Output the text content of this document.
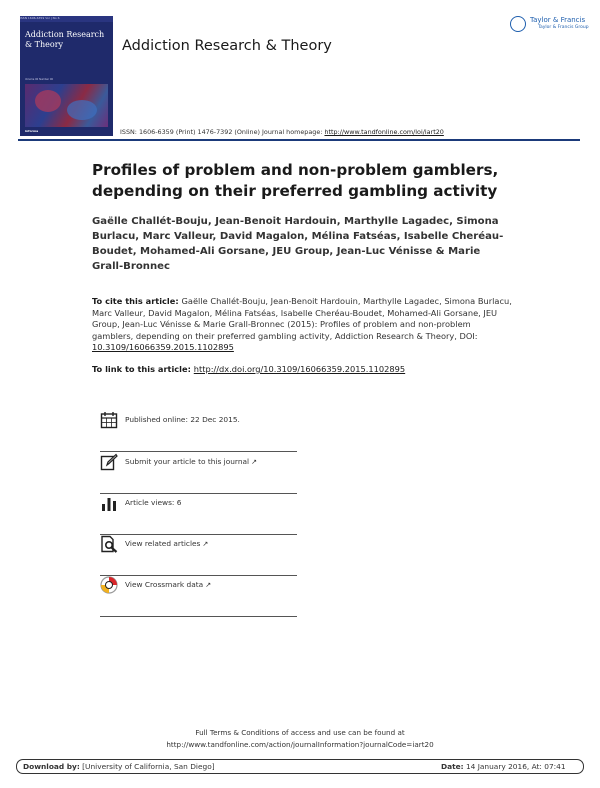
ISSN 1606-6359 Vol | No 6
Addiction Research & Theory
Volume 00 Number 00
informa
Addiction Research & Theory
Taylor & Francis
Taylor & Francis Group
ISSN: 1606-6359 (Print) 1476-7392 (Online) Journal homepage: http://www.tandfonline.com/loi/iart20
Profiles of problem and non-problem gamblers, depending on their preferred gambling activity
Gaëlle Challét-Bouju, Jean-Benoit Hardouin, Marthylle Lagadec, Simona Burlacu, Marc Valleur, David Magalon, Mélina Fatséas, Isabelle Cheréau-Boudet, Mohamed-Ali Gorsane, JEU Group, Jean-Luc Vénisse & Marie Grall-Bronnec
To cite this article: Gaëlle Challét-Bouju, Jean-Benoit Hardouin, Marthylle Lagadec, Simona Burlacu, Marc Valleur, David Magalon, Mélina Fatséas, Isabelle Cheréau-Boudet, Mohamed-Ali Gorsane, JEU Group, Jean-Luc Vénisse & Marie Grall-Bronnec (2015): Profiles of problem and non-problem gamblers, depending on their preferred gambling activity, Addiction Research & Theory, DOI: 10.3109/16066359.2015.1102895
To link to this article: http://dx.doi.org/10.3109/16066359.2015.1102895
Published online: 22 Dec 2015.
Submit your article to this journal ↗
Article views: 6
View related articles ↗
View Crossmark data ↗
Full Terms & Conditions of access and use can be found at
http://www.tandfonline.com/action/journalInformation?journalCode=iart20
Download by: [University of California, San Diego]	Date: 14 January 2016, At: 07:41
